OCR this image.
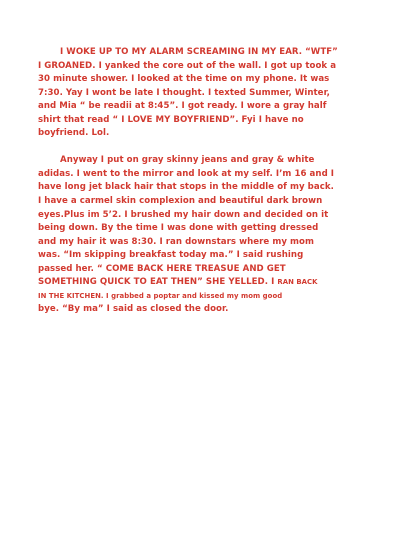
I WOKE UP TO MY ALARM SCREAMING IN MY EAR. “WTF”
I GROANED. I yanked the core out of the wall. I got up took a
30 minute shower. I looked at the time on my phone. It was
7:30. Yay I wont be late I thought. I texted Summer, Winter,
and Mia “ be readii at 8:45”. I got ready. I wore a gray half
shirt that read “ I LOVE MY BOYFRIEND”. Fyi I have no
boyfriend. Lol.

Anyway I put on gray skinny jeans and gray & white
adidas. I went to the mirror and look at my self. I’m 16 and I
have long jet black hair that stops in the middle of my back.
I have a carmel skin complexion and beautiful dark brown
eyes.Plus im 5’2. I brushed my hair down and decided on it
being down. By the time I was done with getting dressed
and my hair it was 8:30. I ran downstars where my mom
was. “Im skipping breakfast today ma.” I said rushing
passed her. “ COME BACK HERE TREASUE AND GET
SOMETHING QUICK TO EAT THEN” SHE YELLED. I RAN BACK
IN THE KITCHEN. I grabbed a poptar and kissed my mom good
bye. “By ma” I said as closed the door.
